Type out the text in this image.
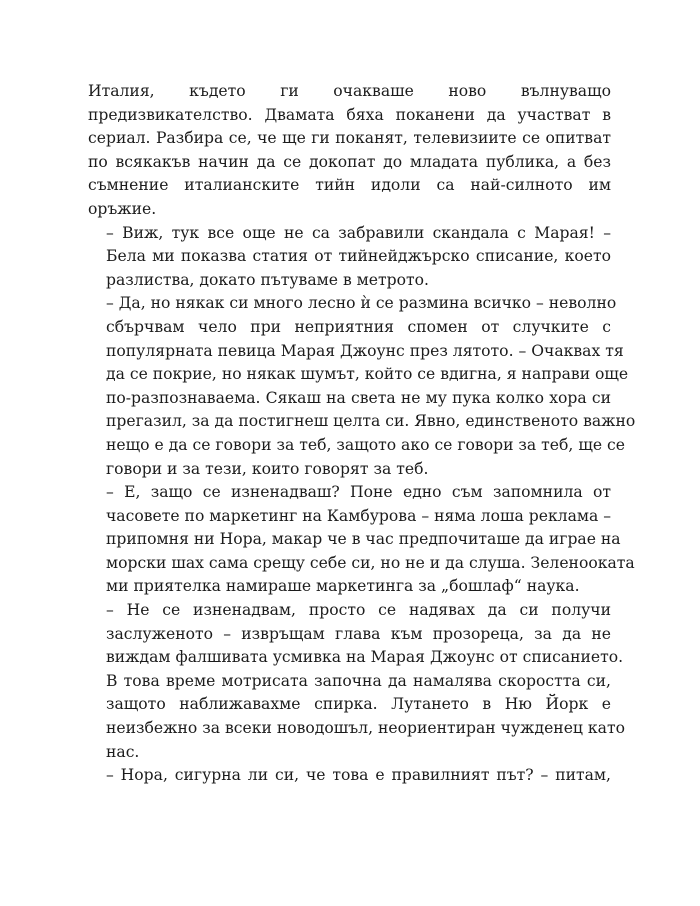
Италия, където ги очакваше ново вълнуващо
предизвикателство. Двамата бяха поканени да участват в
сериал. Разбира се, че ще ги поканят, телевизиите се опитват
по всякакъв начин да се докопат до младата публика, а без
съмнение италианските тийн идоли са най-силното им
оръжие.
– Виж, тук все още не са забравили скандала с Марая! –
Бела ми показва статия от тийнейджърско списание, което
разлиства, докато пътуваме в метрото.
– Да, но някак си много лесно ѝ се размина всичко – неволно
сбърчвам чело при неприятния спомен от случките с
популярната певица Марая Джоунс през лятото. – Очаквах тя
да се покрие, но някак шумът, който се вдигна, я направи още
по-разпознаваема. Сякаш на света не му пука колко хора си
прегазил, за да постигнеш целта си. Явно, единственото важно
нещо е да се говори за теб, защото ако се говори за теб, ще се
говори и за тези, които говорят за теб.
– Е, защо се изненадваш? Поне едно съм запомнила от
часовете по маркетинг на Камбурова – няма лоша реклама –
припомня ни Нора, макар че в час предпочиташе да играе на
морски шах сама срещу себе си, но не и да слуша. Зеленооката
ми приятелка намираше маркетинга за „бошлаф“ наука.
– Не се изненадвам, просто се надявах да си получи
заслуженото – извръщам глава към прозореца, за да не
виждам фалшивата усмивка на Марая Джоунс от списанието.
В това време мотрисата започна да намалява скоростта си,
защото наближавахме спирка. Лутането в Ню Йорк е
неизбежно за всеки новодошъл, неориентиран чужденец като
нас.
– Нора, сигурна ли си, че това е правилният път? – питам,
